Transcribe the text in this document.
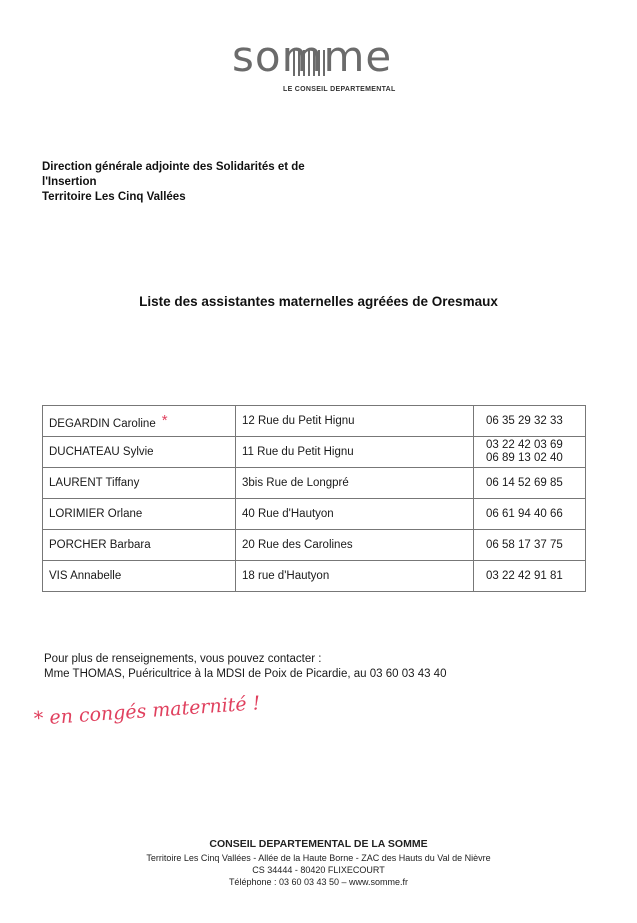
somme
LE CONSEIL DEPARTEMENTAL
Direction générale adjointe des Solidarités et de
l'Insertion
Territoire Les Cinq Vallées
Liste des assistantes maternelles agréées de Oresmaux
DEGARDIN Caroline *	12 Rue du Petit Hignu	06 35 29 32 33

DUCHATEAU Sylvie	11 Rue du Petit Hignu	03 22 42 03 69
06 89 13 02 40

LAURENT Tiffany	3bis Rue de Longpré	06 14 52 69 85

LORIMIER Orlane	40 Rue d'Hautyon	06 61 94 40 66

PORCHER Barbara	20 Rue des Carolines	06 58 17 37 75

VIS Annabelle	18 rue d'Hautyon	03 22 42 91 81
Pour plus de renseignements, vous pouvez contacter :
Mme THOMAS, Puéricultrice à la MDSI de Poix de Picardie, au 03 60 03 43 40
* en congés maternité !
CONSEIL DEPARTEMENTAL DE LA SOMME
Territoire Les Cinq Vallées - Allée de la Haute Borne - ZAC des Hauts du Val de Nièvre
CS 34444 - 80420 FLIXECOURT
Téléphone : 03 60 03 43 50 – www.somme.fr
